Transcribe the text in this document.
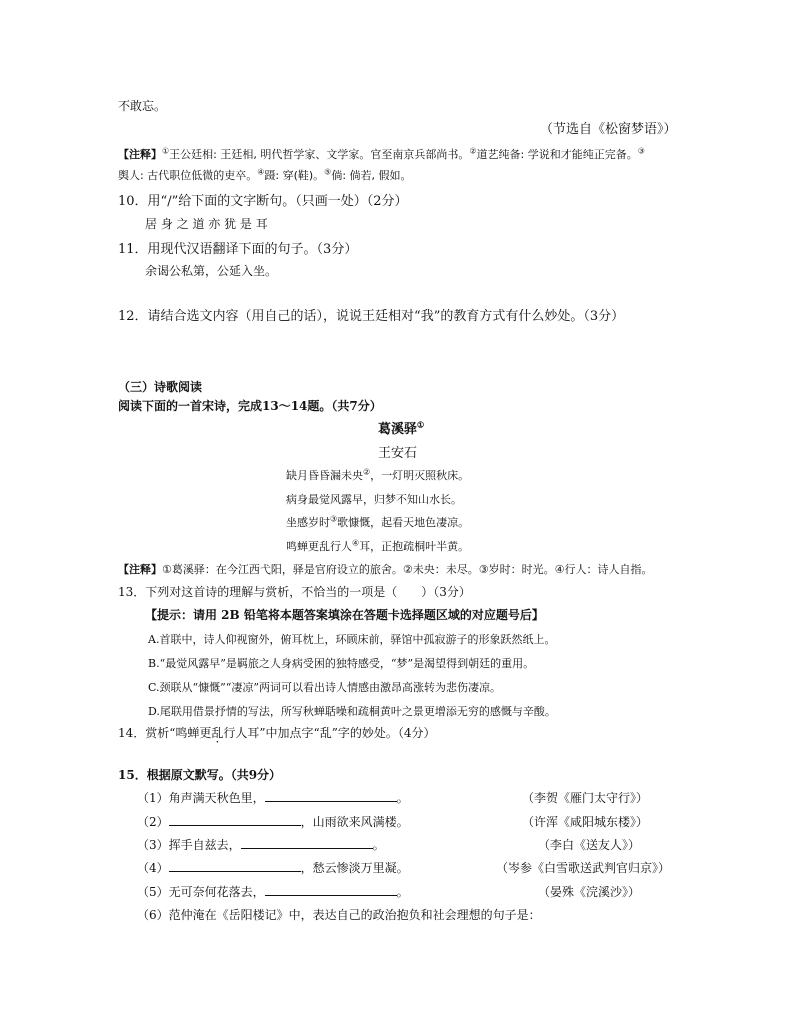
不敢忘。
（节选自《松窗梦语》）
【注释】①王公廷相: 王廷相, 明代哲学家、文学家。官至南京兵部尚书。②道艺纯备: 学说和才能纯正完备。③
舆人: 古代职位低微的吏卒。④蹑: 穿(鞋)。⑤倘: 倘若, 假如。
10．用“/”给下面的文字断句。（只画一处）（2分）
居 身 之 道 亦 犹 是 耳
11．用现代汉语翻译下面的句子。（3分）
余谒公私第，公延入坐。
12．请结合选文内容（用自己的话），说说王廷相对“我”的教育方式有什么妙处。（3分）
（三）诗歌阅读
阅读下面的一首宋诗，完成13～14题。（共7分）
葛溪驿①
王安石
缺月昏昏漏未央②，一灯明灭照秋床。
病身最觉风露早，归梦不知山水长。
坐感岁时③歌慷慨，起看天地色凄凉。
鸣蝉更乱行人④耳，正抱疏桐叶半黄。
【注释】①葛溪驿：在今江西弋阳，驿是官府设立的旅舍。②未央：未尽。③岁时：时光。④行人：诗人自指。
13．下列对这首诗的理解与赏析，不恰当的一项是（　　）（3分）
【提示：请用 2B 铅笔将本题答案填涂在答题卡选择题区域的对应题号后】
A.首联中，诗人仰视窗外，俯耳枕上，环顾床前，驿馆中孤寂游子的形象跃然纸上。
B.“最觉风露早”是羁旅之人身病受困的独特感受，“梦”是渴望得到朝廷的重用。
C.颈联从“慷慨”“凄凉”两词可以看出诗人情感由激昂高涨转为悲伤凄凉。
D.尾联用借景抒情的写法，所写秋蝉聒噪和疏桐黄叶之景更增添无穷的感慨与辛酸。
14．赏析“鸣蝉更乱行人耳”中加点字“乱”字的妙处。（4分）
15．根据原文默写。（共9分）
（1）角声满天秋色里，	。	（李贺《雁门太守行》）
（2）	，山雨欲来风满楼。	（许浑《咸阳城东楼》）
（3）挥手自兹去，	。	（李白《送友人》）
（4）	，愁云惨淡万里凝。	（岑参《白雪歌送武判官归京》）
（5）无可奈何花落去，	。	（晏殊《浣溪沙》）
（6）范仲淹在《岳阳楼记》中，表达自己的政治抱负和社会理想的句子是：
